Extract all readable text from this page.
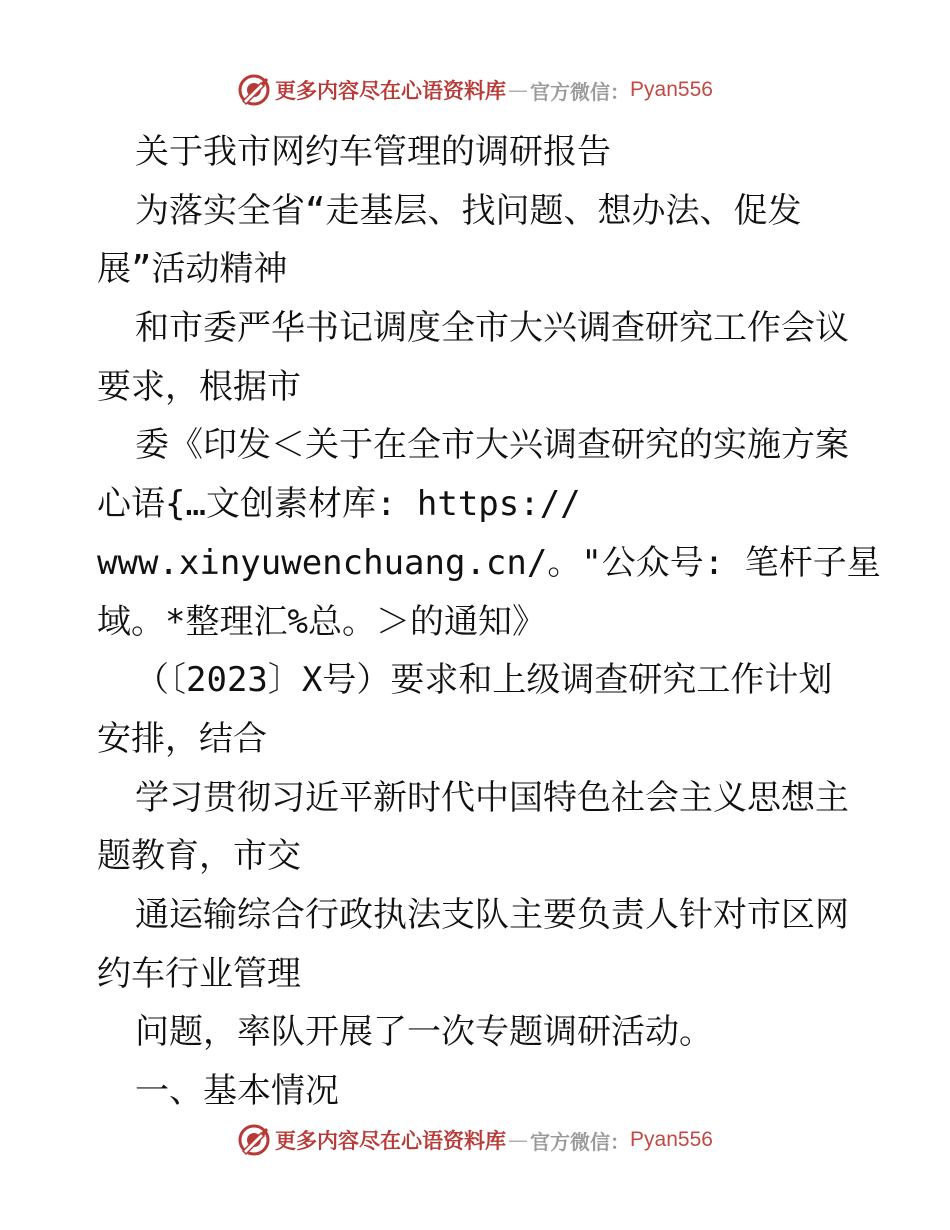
更多内容尽在心语资料库 — 官方微信： Pyan556
关于我市网约车管理的调研报告
为落实全省“走基层、找问题、想办法、促发
展”活动精神
和市委严华书记调度全市大兴调查研究工作会议
要求，根据市
委《印发＜关于在全市大兴调查研究的实施方案
心语{…文创素材库: https://
www.xinyuwenchuang.cn/。"公众号: 笔杆子星
域。*整理汇%总。＞的通知》
（〔2023〕X号）要求和上级调查研究工作计划
安排，结合
学习贯彻习近平新时代中国特色社会主义思想主
题教育，市交
通运输综合行政执法支队主要负责人针对市区网
约车行业管理
问题，率队开展了一次专题调研活动。
一、基本情况
更多内容尽在心语资料库 — 官方微信： Pyan556
